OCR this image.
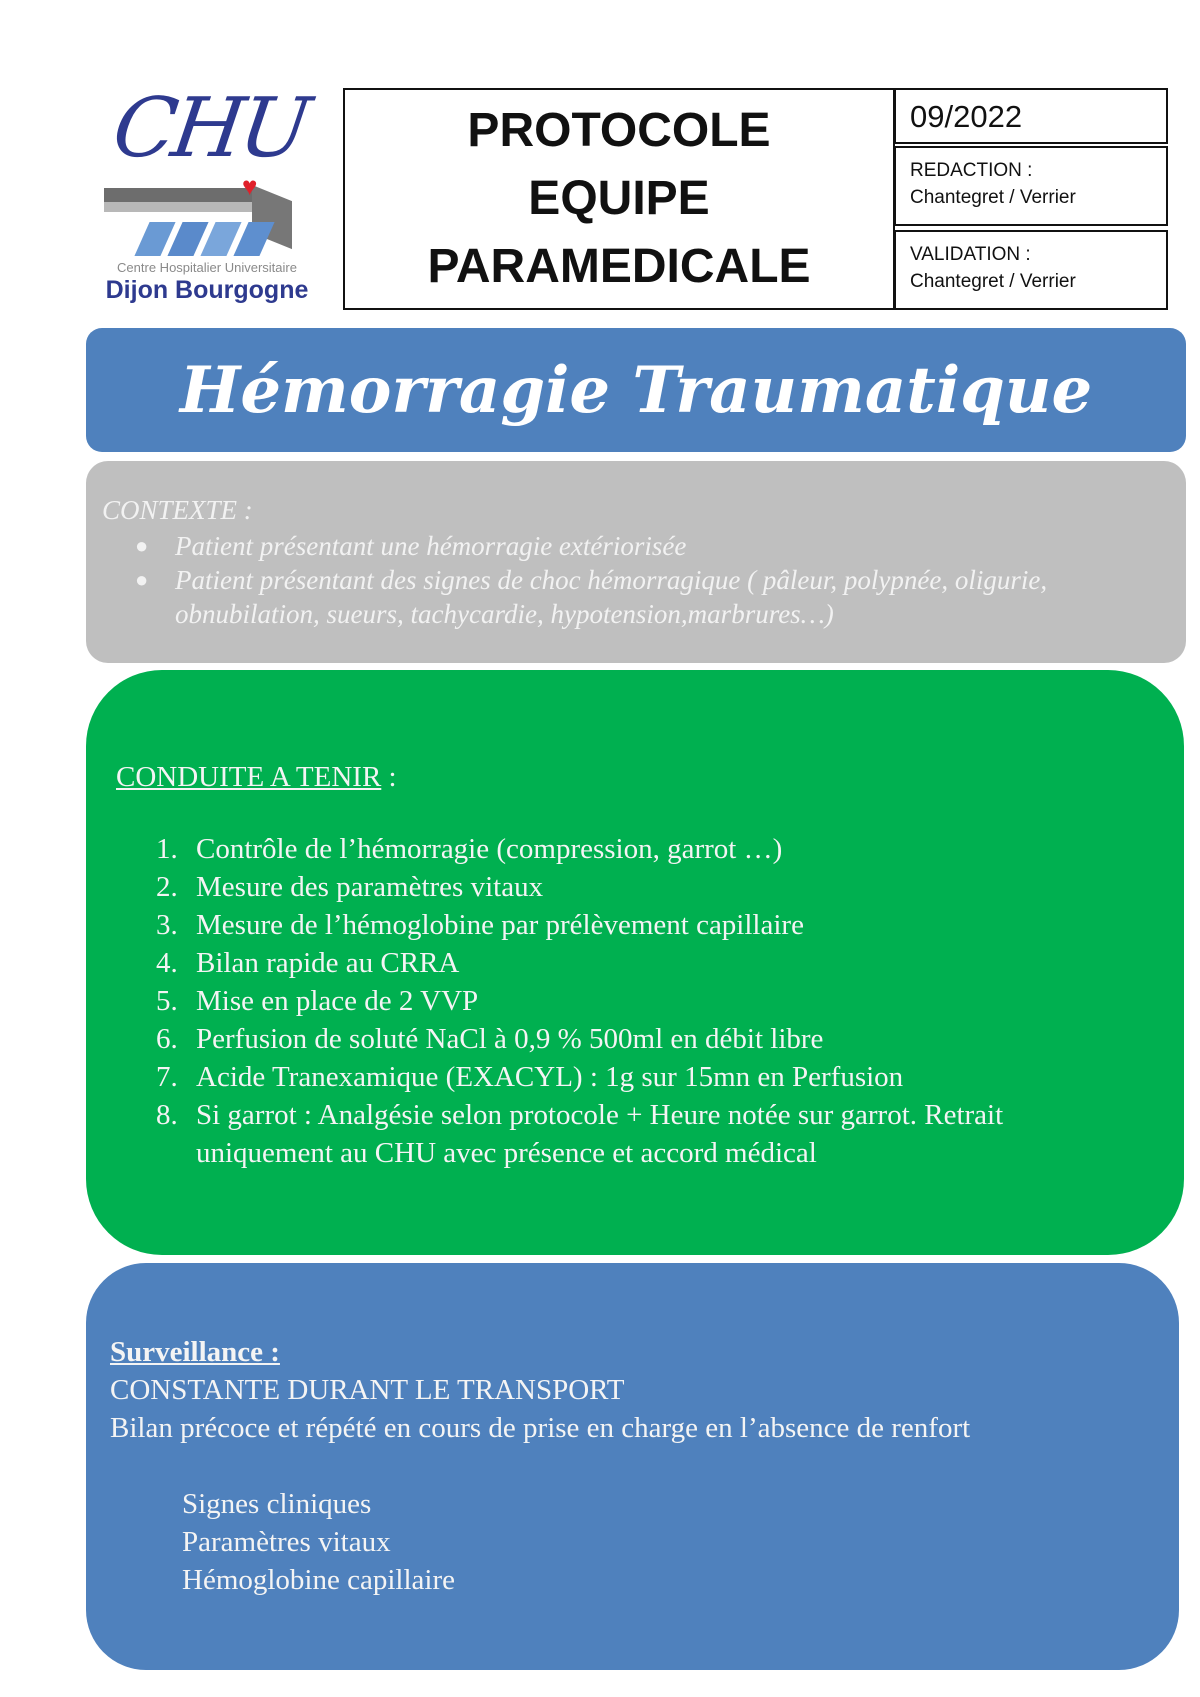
CHU
♥
Centre Hospitalier Universitaire
Dijon Bourgogne
PROTOCOLE
EQUIPE
PARAMEDICALE
09/2022
REDACTION :
Chantegret / Verrier
VALIDATION :
Chantegret / Verrier
Hémorragie Traumatique
CONTEXTE :
● Patient présentant une hémorragie extériorisée
● Patient présentant des signes de choc hémorragique ( pâleur, polypnée, oligurie, obnubilation, sueurs, tachycardie, hypotension,marbrures…)
CONDUITE A TENIR :
1. Contrôle de l’hémorragie (compression, garrot …)
2. Mesure des paramètres vitaux
3. Mesure de l’hémoglobine par prélèvement capillaire
4. Bilan rapide au CRRA
5. Mise en place de 2 VVP
6. Perfusion de soluté NaCl à 0,9 % 500ml en débit libre
7. Acide Tranexamique (EXACYL) : 1g sur 15mn en Perfusion
8. Si garrot : Analgésie selon protocole + Heure notée sur garrot. Retrait uniquement au CHU avec présence et accord médical
Surveillance :
CONSTANTE DURANT LE TRANSPORT
Bilan précoce et répété en cours de prise en charge en l’absence de renfort
Signes cliniques
Paramètres vitaux
Hémoglobine capillaire
